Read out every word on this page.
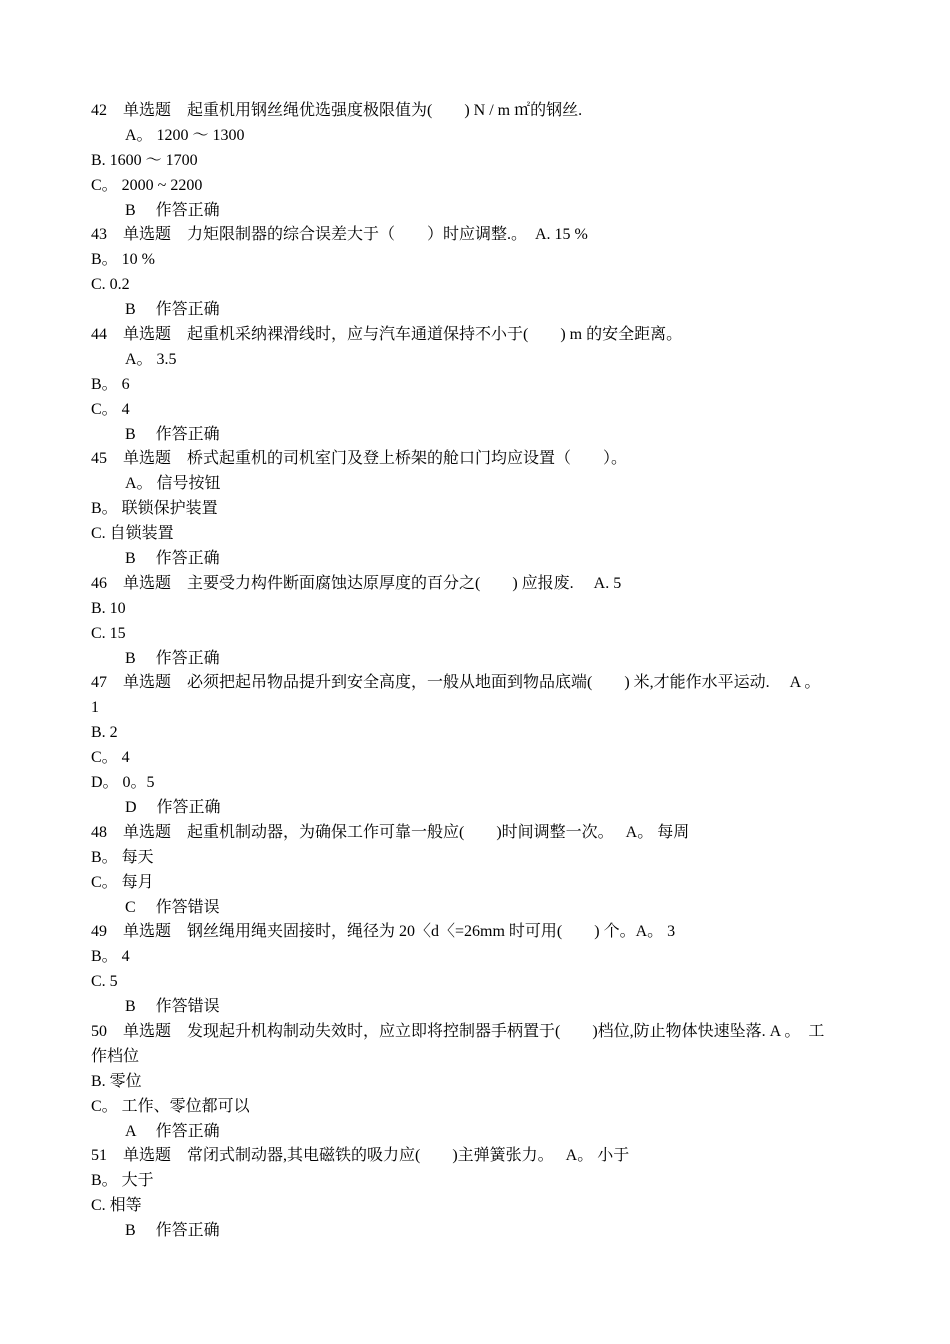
42　单选题　起重机用钢丝绳优选强度极限值为(　　) N / m ㎡的钢丝.
A。 1200 ～ 1300
B. 1600 ～ 1700
C。 2000 ~ 2200
B　 作答正确
43　单选题　力矩限制器的综合误差大于（　　）时应调整.。　A. 15 %
B。 10 %
C. 0.2
B　 作答正确
44　单选题　起重机采纳裸滑线时，应与汽车通道保持不小于(　　) m 的安全距离。
A。 3.5
B。 6
C。 4
B　 作答正确
45　单选题　桥式起重机的司机室门及登上桥架的舱口门均应设置（　　）。
A。 信号按钮
B。 联锁保护装置
C. 自锁装置
B　 作答正确
46　单选题　主要受力构件断面腐蚀达原厚度的百分之(　　) 应报废.　 A. 5
B. 10
C. 15
B　 作答正确
47　单选题　必须把起吊物品提升到安全高度，一般从地面到物品底端(　　) 米,才能作水平运动.　 A 。
1
B. 2
C。 4
D。 0。5
D　 作答正确
48　单选题　起重机制动器，为确保工作可靠一般应(　　)时间调整一次。　 A。 每周
B。 每天
C。 每月
C　 作答错误
49　单选题　钢丝绳用绳夹固接时，绳径为 20〈d〈=26mm 时可用(　　) 个。A。 3
B。 4
C. 5
B　 作答错误
50　单选题　发现起升机构制动失效时，应立即将控制器手柄置于(　　)档位,防止物体快速坠落. A 。　工
作档位
B. 零位
C。 工作、零位都可以
A　 作答正确
51　单选题　常闭式制动器,其电磁铁的吸力应(　　)主弹簧张力。　 A。 小于
B。 大于
C. 相等
B　 作答正确
